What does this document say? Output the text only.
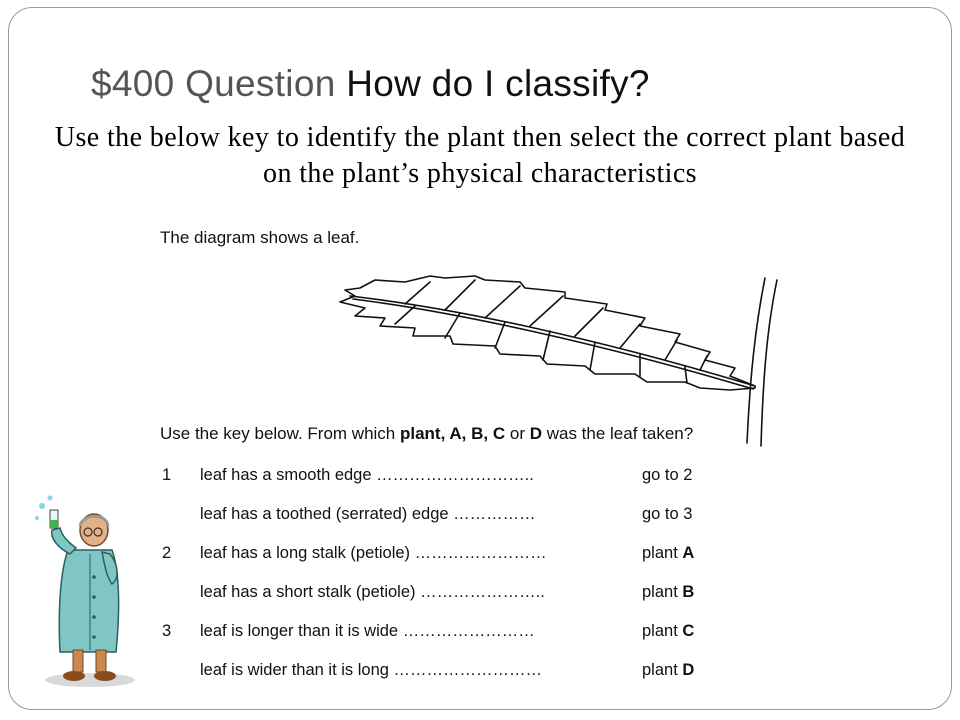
$400 Question How do I classify?
Use the below key to identify the plant then select the correct plant based on the plant’s physical characteristics

The diagram shows a leaf.

Use the key below. From which plant, A, B, C or D was the leaf taken?

1 leaf has a smooth edge ………………………..	go to 2
leaf has a toothed (serrated) edge ……………	go to 3
2 leaf has a long stalk (petiole) ……………………	plant A
leaf has a short stalk (petiole) …………………..	plant B
3 leaf is longer than it is wide ……………………	plant C
leaf is wider than it is long ………………………	plant D
